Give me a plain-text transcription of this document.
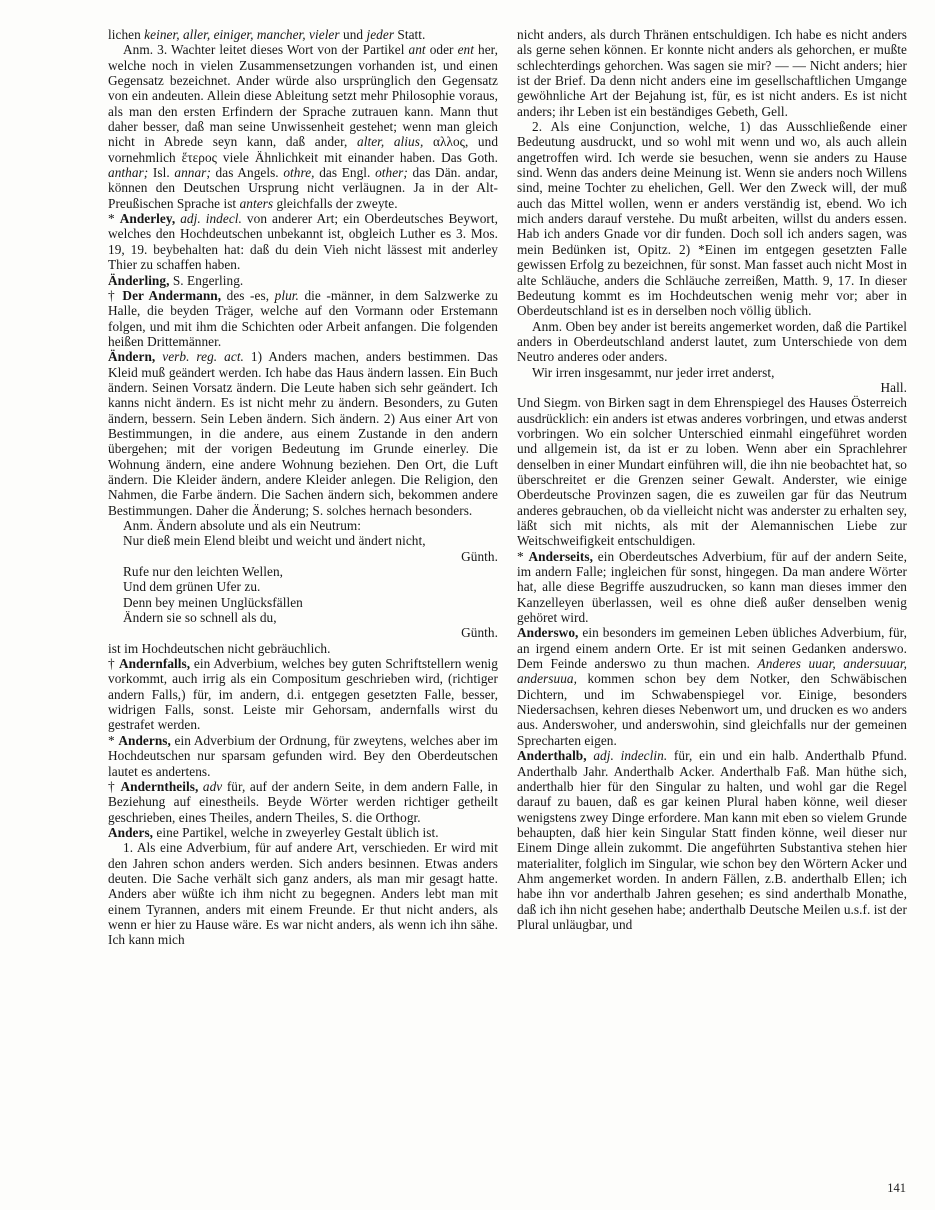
lichen keiner, aller, einiger, mancher, vieler und jeder Statt.

Anm. 3. Wachter leitet dieses Wort von der Partikel ant oder ent her, welche noch in vielen Zusammensetzungen vorhanden ist, und einen Gegensatz bezeichnet. Ander würde also ursprünglich den Gegensatz von ein andeuten. Allein diese Ableitung setzt mehr Philosophie voraus, als man den ersten Erfindern der Sprache zutrauen kann. Mann thut daher besser, daß man seine Unwissenheit gestehet; wenn man gleich nicht in Abrede seyn kann, daß ander, alter, alius, αλλος, und vornehmlich ἕτερος viele Ähnlichkeit mit einander haben. Das Goth. anthar; Isl. annar; das Angels. othre, das Engl. other; das Dän. andar, können den Deutschen Ursprung nicht verläugnen. Ja in der Alt-Preußischen Sprache ist anters gleichfalls der zweyte.

* Anderley, adj. indecl. von anderer Art; ein Oberdeutsches Beywort, welches den Hochdeutschen unbekannt ist, obgleich Luther es 3. Mos. 19, 19. beybehalten hat: daß du dein Vieh nicht lässest mit anderley Thier zu schaffen haben.

Änderling, S. Engerling.

† Der Andermann, des -es, plur. die -männer, in dem Salzwerke zu Halle, die beyden Träger, welche auf den Vormann oder Erstemann folgen, und mit ihm die Schichten oder Arbeit anfangen. Die folgenden heißen Drittemänner.

Ändern, verb. reg. act. 1) Anders machen, anders bestimmen. Das Kleid muß geändert werden. Ich habe das Haus ändern lassen. Ein Buch ändern. Seinen Vorsatz ändern. Die Leute haben sich sehr geändert. Ich kanns nicht ändern. Es ist nicht mehr zu ändern. Besonders, zu Guten ändern, bessern. Sein Leben ändern. Sich ändern. 2) Aus einer Art von Bestimmungen, in die andere, aus einem Zustande in den andern übergehen; mit der vorigen Bedeutung im Grunde einerley. Die Wohnung ändern, eine andere Wohnung beziehen. Den Ort, die Luft ändern. Die Kleider ändern, andere Kleider anlegen. Die Religion, den Nahmen, die Farbe ändern. Die Sachen ändern sich, bekommen andere Bestimmungen. Daher die Änderung; S. solches hernach besonders.

Anm. Ändern absolute und als ein Neutrum:

Nur dieß mein Elend bleibt und weicht und ändert nicht,

Günth.

Rufe nur den leichten Wellen,

Und dem grünen Ufer zu.

Denn bey meinen Unglücksfällen

Ändern sie so schnell als du,

Günth.

ist im Hochdeutschen nicht gebräuchlich.

† Andernfalls, ein Adverbium, welches bey guten Schriftstellern wenig vorkommt, auch irrig als ein Compositum geschrieben wird, (richtiger andern Falls,) für, im andern, d.i. entgegen gesetzten Falle, besser, widrigen Falls, sonst. Leiste mir Gehorsam, andernfalls wirst du gestrafet werden.

* Anderns, ein Adverbium der Ordnung, für zweytens, welches aber im Hochdeutschen nur sparsam gefunden wird. Bey den Oberdeutschen lautet es andertens.

† Anderntheils, adv für, auf der andern Seite, in dem andern Falle, in Beziehung auf einestheils. Beyde Wörter werden richtiger getheilt geschrieben, eines Theiles, andern Theiles, S. die Orthogr.

Anders, eine Partikel, welche in zweyerley Gestalt üblich ist.

1. Als eine Adverbium, für auf andere Art, verschieden. Er wird mit den Jahren schon anders werden. Sich anders besinnen. Etwas anders deuten. Die Sache verhält sich ganz anders, als man mir gesagt hatte. Anders aber wüßte ich ihm nicht zu begegnen. Anders lebt man mit einem Tyrannen, anders mit einem Freunde. Er thut nicht anders, als wenn er hier zu Hause wäre. Es war nicht anders, als wenn ich ihn sähe. Ich kann mich

nicht anders, als durch Thränen entschuldigen. Ich habe es nicht anders als gerne sehen können. Er konnte nicht anders als gehorchen, er mußte schlechterdings gehorchen. Was sagen sie mir? — — Nicht anders; hier ist der Brief. Da denn nicht anders eine im gesellschaftlichen Umgange gewöhnliche Art der Bejahung ist, für, es ist nicht anders. Es ist nicht anders; ihr Leben ist ein beständiges Gebeth, Gell.

2. Als eine Conjunction, welche, 1) das Ausschließende einer Bedeutung ausdruckt, und so wohl mit wenn und wo, als auch allein angetroffen wird. Ich werde sie besuchen, wenn sie anders zu Hause sind. Wenn das anders deine Meinung ist. Wenn sie anders noch Willens sind, meine Tochter zu ehelichen, Gell. Wer den Zweck will, der muß auch das Mittel wollen, wenn er anders verständig ist, ebend. Wo ich mich anders darauf verstehe. Du mußt arbeiten, willst du anders essen. Hab ich anders Gnade vor dir funden. Doch soll ich anders sagen, was mein Bedünken ist, Opitz. 2) *Einen im entgegen gesetzten Falle gewissen Erfolg zu bezeichnen, für sonst. Man fasset auch nicht Most in alte Schläuche, anders die Schläuche zerreißen, Matth. 9, 17. In dieser Bedeutung kommt es im Hochdeutschen wenig mehr vor; aber in Oberdeutschland ist es in derselben noch völlig üblich.

Anm. Oben bey ander ist bereits angemerket worden, daß die Partikel anders in Oberdeutschland anderst lautet, zum Unterschiede von dem Neutro anderes oder anders.

Wir irren insgesammt, nur jeder irret anderst,

Hall.

Und Siegm. von Birken sagt in dem Ehrenspiegel des Hauses Österreich ausdrücklich: ein anders ist etwas anderes vorbringen, und etwas anderst vorbringen. Wo ein solcher Unterschied einmahl eingeführet worden und allgemein ist, da ist er zu loben. Wenn aber ein Sprachlehrer denselben in einer Mundart einführen will, die ihn nie beobachtet hat, so überschreitet er die Grenzen seiner Gewalt. Anderster, wie einige Oberdeutsche Provinzen sagen, die es zuweilen gar für das Neutrum anderes gebrauchen, ob da vielleicht nicht was anderster zu erhalten sey, läßt sich mit nichts, als mit der Alemannischen Liebe zur Weitschweifigkeit entschuldigen.

* Anderseits, ein Oberdeutsches Adverbium, für auf der andern Seite, im andern Falle; ingleichen für sonst, hingegen. Da man andere Wörter hat, alle diese Begriffe auszudrucken, so kann man dieses immer den Kanzelleyen überlassen, weil es ohne dieß außer denselben wenig gehöret wird.

Anderswo, ein besonders im gemeinen Leben übliches Adverbium, für, an irgend einem andern Orte. Er ist mit seinen Gedanken anderswo. Dem Feinde anderswo zu thun machen. Anderes uuar, andersuuar, andersuua, kommen schon bey dem Notker, den Schwäbischen Dichtern, und im Schwabenspiegel vor. Einige, besonders Niedersachsen, kehren dieses Nebenwort um, und drucken es wo anders aus. Anderswoher, und anderswohin, sind gleichfalls nur der gemeinen Sprecharten eigen.

Anderthalb, adj. indeclin. für, ein und ein halb. Anderthalb Pfund. Anderthalb Jahr. Anderthalb Acker. Anderthalb Faß. Man hüthe sich, anderthalb hier für den Singular zu halten, und wohl gar die Regel darauf zu bauen, daß es gar keinen Plural haben könne, weil dieser wenigstens zwey Dinge erfordere. Man kann mit eben so vielem Grunde behaupten, daß hier kein Singular Statt finden könne, weil dieser nur Einem Dinge allein zukommt. Die angeführten Substantiva stehen hier materialiter, folglich im Singular, wie schon bey den Wörtern Acker und Ahm angemerket worden. In andern Fällen, z.B. anderthalb Ellen; ich habe ihn vor anderthalb Jahren gesehen; es sind anderthalb Monathe, daß ich ihn nicht gesehen habe; anderthalb Deutsche Meilen u.s.f. ist der Plural unläugbar, und

141
